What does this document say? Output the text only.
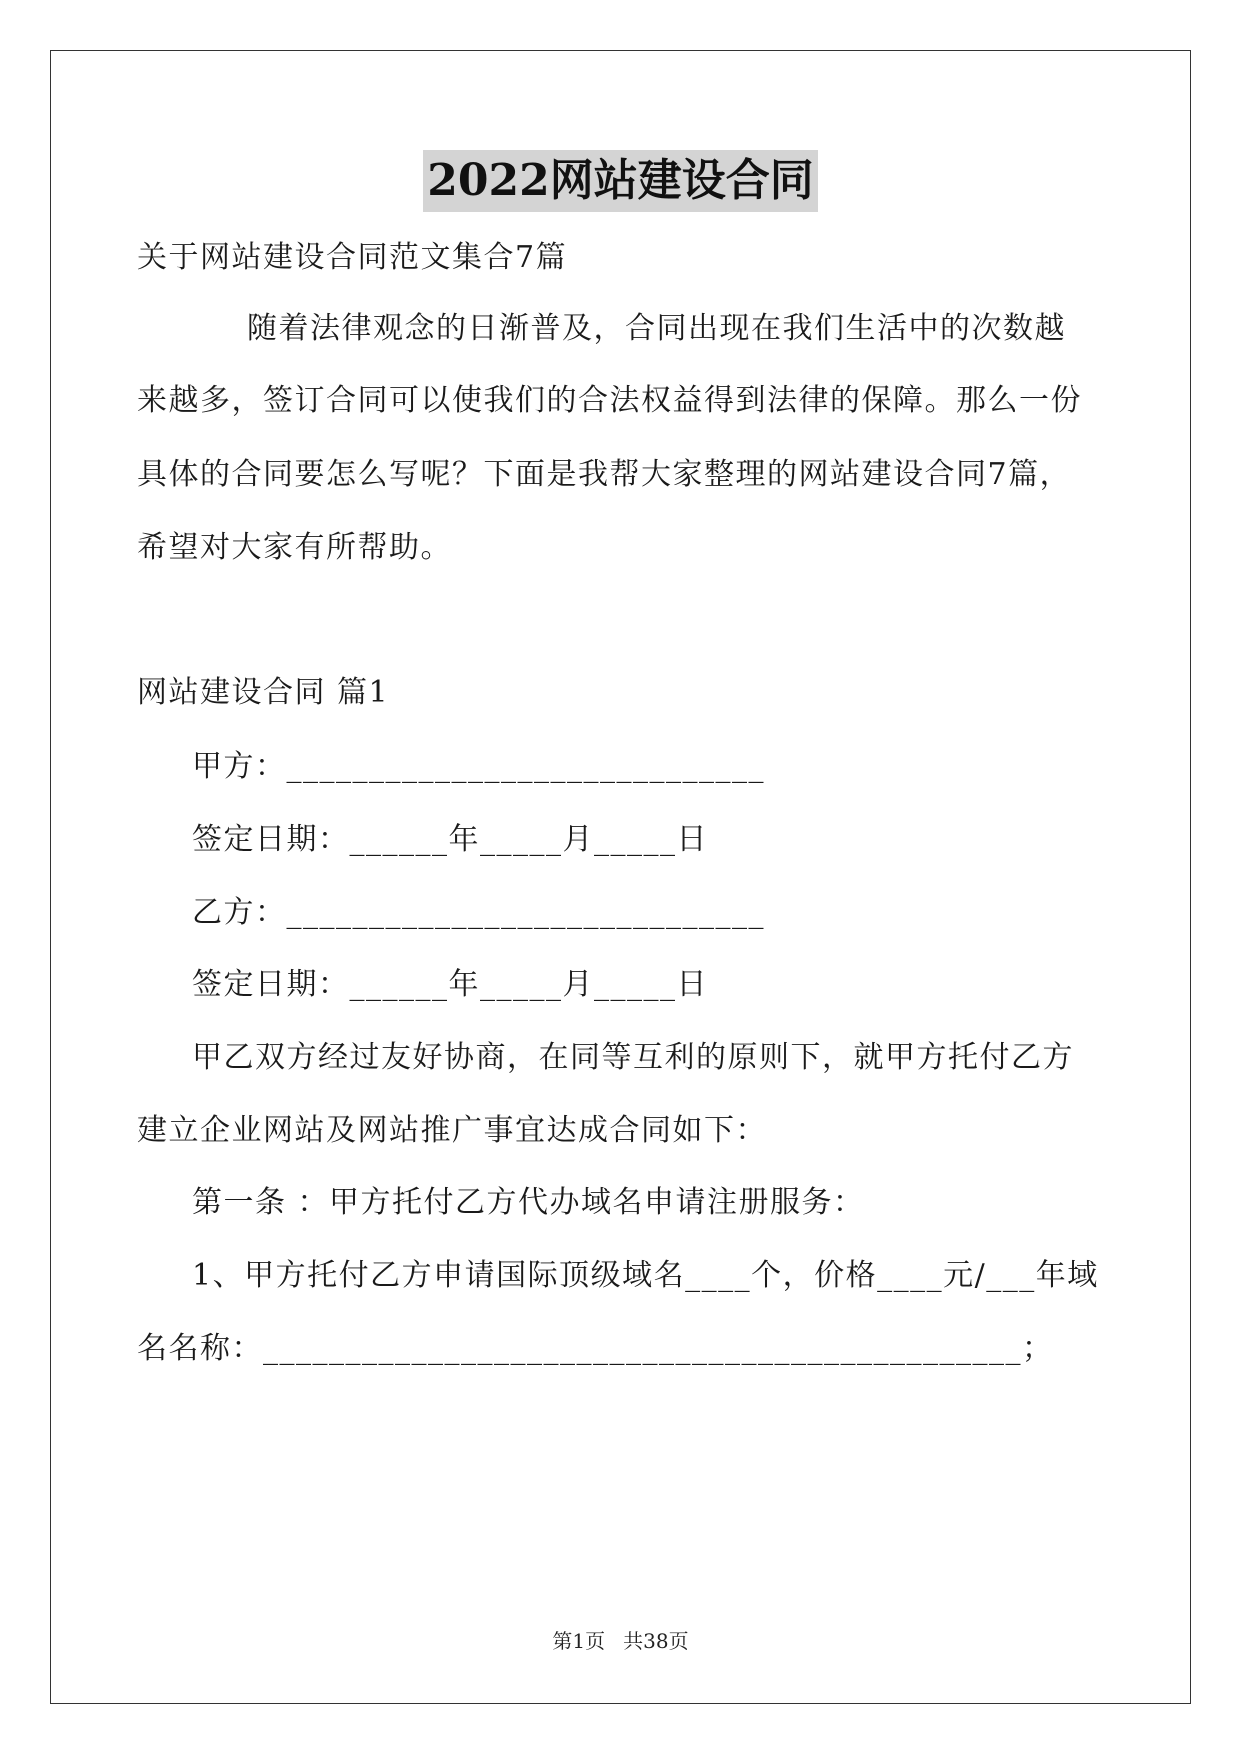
2022网站建设合同
关于网站建设合同范文集合7篇
随着法律观念的日渐普及，合同出现在我们生活中的次数越
来越多，签订合同可以使我们的合法权益得到法律的保障。那么一份
具体的合同要怎么写呢？下面是我帮大家整理的网站建设合同7篇，
希望对大家有所帮助。
网站建设合同 篇1
甲方：_____________________________
签定日期：______年_____月_____日
乙方：_____________________________
签定日期：______年_____月_____日
甲乙双方经过友好协商，在同等互利的原则下，就甲方托付乙方
建立企业网站及网站推广事宜达成合同如下：
第一条 ：甲方托付乙方代办域名申请注册服务：
1、甲方托付乙方申请国际顶级域名____个，价格____元/___年域
名名称：______________________________________________；
第1页 共38页
